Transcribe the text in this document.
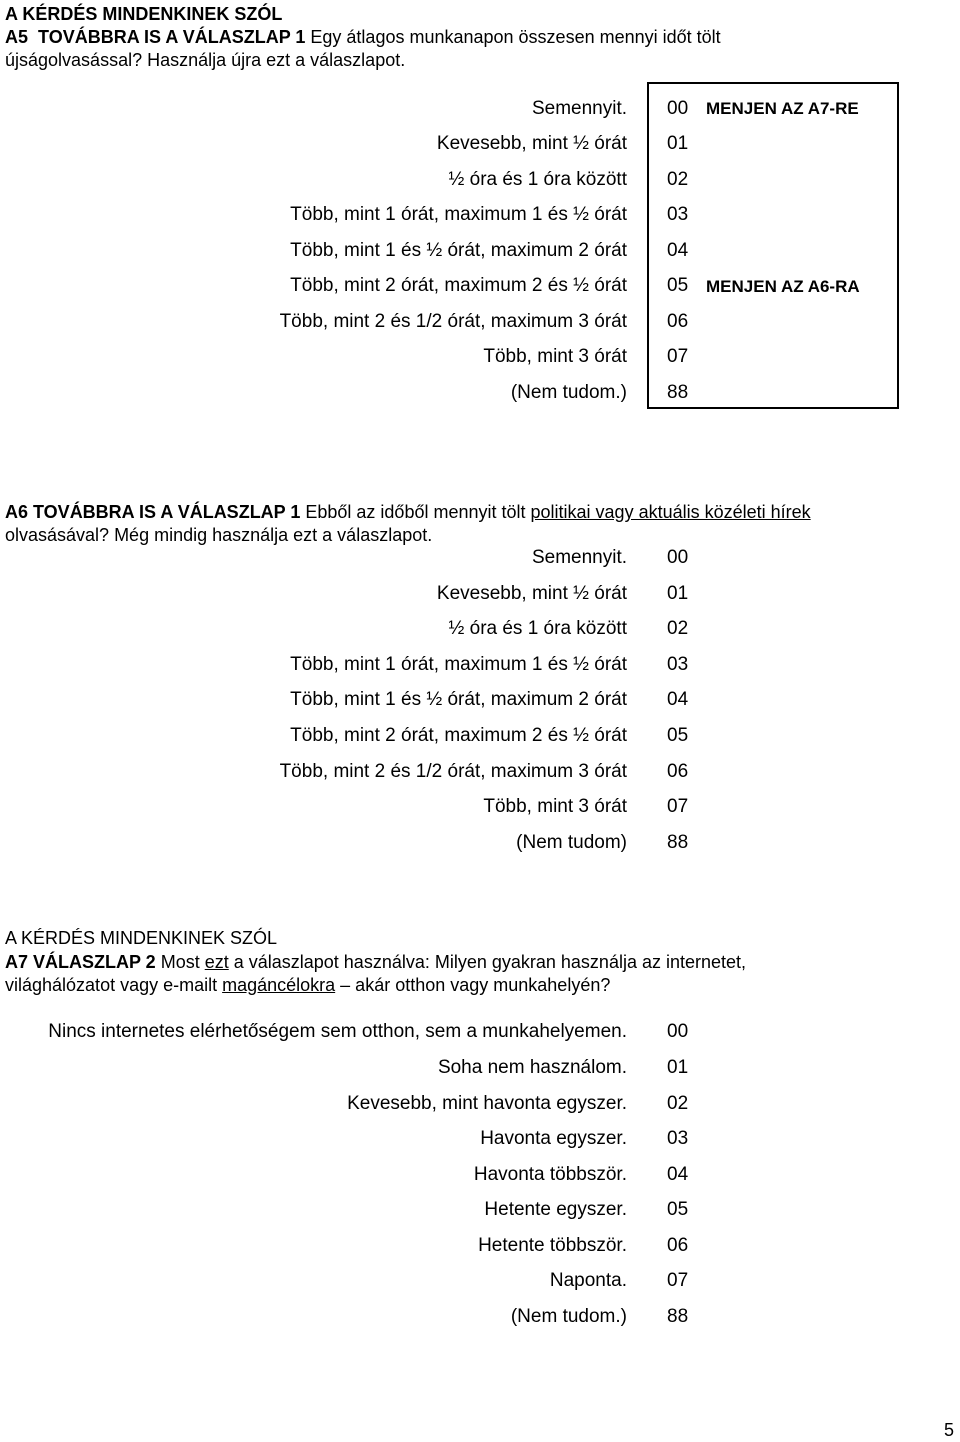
A KÉRDÉS MINDENKINEK SZÓL
A5 TOVÁBBRA IS A VÁLASZLAP 1 Egy átlagos munkanapon összesen mennyi időt tölt
újságolvasással? Használja újra ezt a válaszlapot.
Semennyit. 00 MENJEN AZ A7-RE
Kevesebb, mint ½ órát 01
½ óra és 1 óra között 02
Több, mint 1 órát, maximum 1 és ½ órát 03
Több, mint 1 és ½ órát, maximum 2 órát 04
Több, mint 2 órát, maximum 2 és ½ órát 05 MENJEN AZ A6-RA
Több, mint 2 és 1/2 órát, maximum 3 órát 06
Több, mint 3 órát 07
(Nem tudom.) 88
A6 TOVÁBBRA IS A VÁLASZLAP 1 Ebből az időből mennyit tölt politikai vagy aktuális közéleti hírek
olvasásával? Még mindig használja ezt a válaszlapot.
Semennyit. 00
Kevesebb, mint ½ órát 01
½ óra és 1 óra között 02
Több, mint 1 órát, maximum 1 és ½ órát 03
Több, mint 1 és ½ órát, maximum 2 órát 04
Több, mint 2 órát, maximum 2 és ½ órát 05
Több, mint 2 és 1/2 órát, maximum 3 órát 06
Több, mint 3 órát 07
(Nem tudom) 88
A KÉRDÉS MINDENKINEK SZÓL
A7 VÁLASZLAP 2 Most ezt a válaszlapot használva: Milyen gyakran használja az internetet,
világhálózatot vagy e-mailt magáncélokra – akár otthon vagy munkahelyén?
Nincs internetes elérhetőségem sem otthon, sem a munkahelyemen. 00
Soha nem használom. 01
Kevesebb, mint havonta egyszer. 02
Havonta egyszer. 03
Havonta többször. 04
Hetente egyszer. 05
Hetente többször. 06
Naponta. 07
(Nem tudom.) 88
5
